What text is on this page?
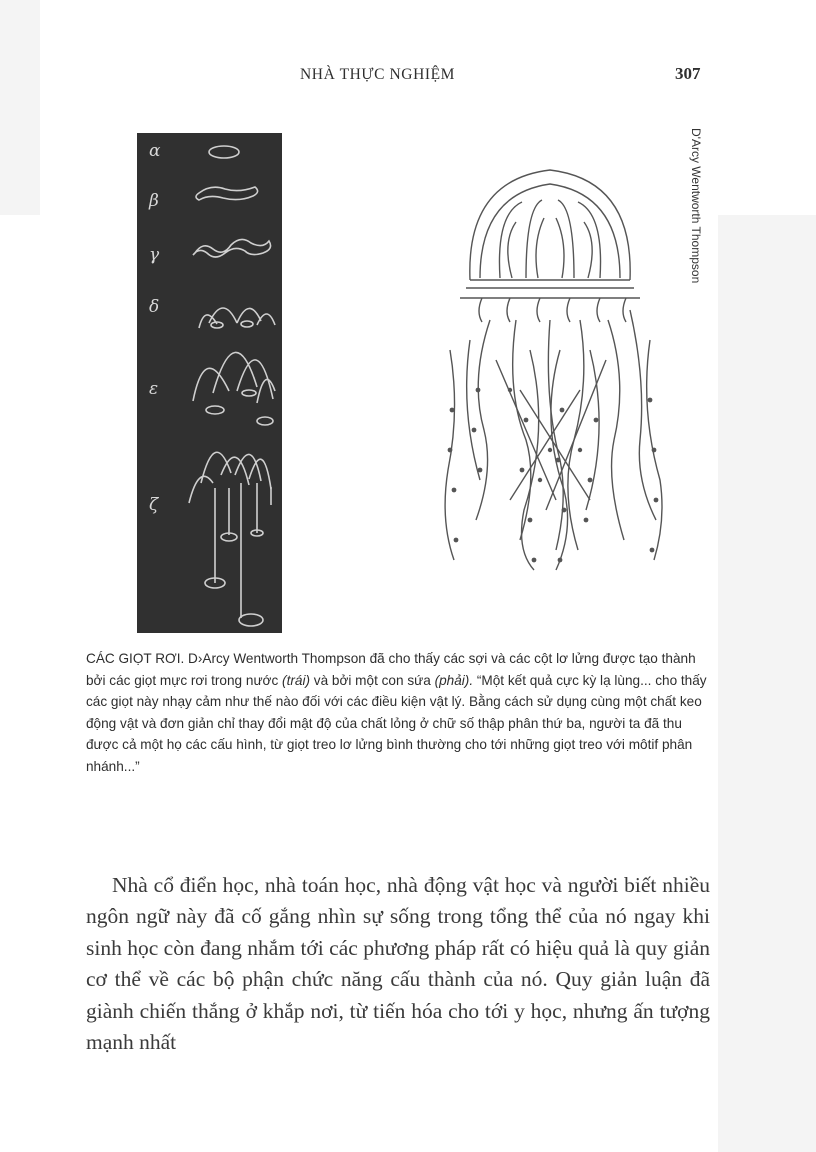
NHÀ THỰC NGHIỆM	307
α
β
γ
δ
ε
ζ
D'Arcy Wentworth Thompson

CÁC GIỌT RƠI. D›Arcy Wentworth Thompson đã cho thấy các sợi và các cột lơ lửng được tạo thành bởi các giọt mực rơi trong nước (trái) và bởi một con sứa (phải). “Một kết quả cực kỳ lạ lùng... cho thấy các giọt này nhạy cảm như thế nào đối với các điều kiện vật lý. Bằng cách sử dụng cùng một chất keo động vật và đơn giản chỉ thay đổi mật độ của chất lỏng ở chữ số thập phân thứ ba, người ta đã thu được cả một họ các cấu hình, từ giọt treo lơ lửng bình thường cho tới những giọt treo với môtif phân nhánh...”

Nhà cổ điển học, nhà toán học, nhà động vật học và người biết nhiều ngôn ngữ này đã cố gắng nhìn sự sống trong tổng thể của nó ngay khi sinh học còn đang nhắm tới các phương pháp rất có hiệu quả là quy giản cơ thể về các bộ phận chức năng cấu thành của nó. Quy giản luận đã giành chiến thắng ở khắp nơi, từ tiến hóa cho tới y học, nhưng ấn tượng mạnh nhất
